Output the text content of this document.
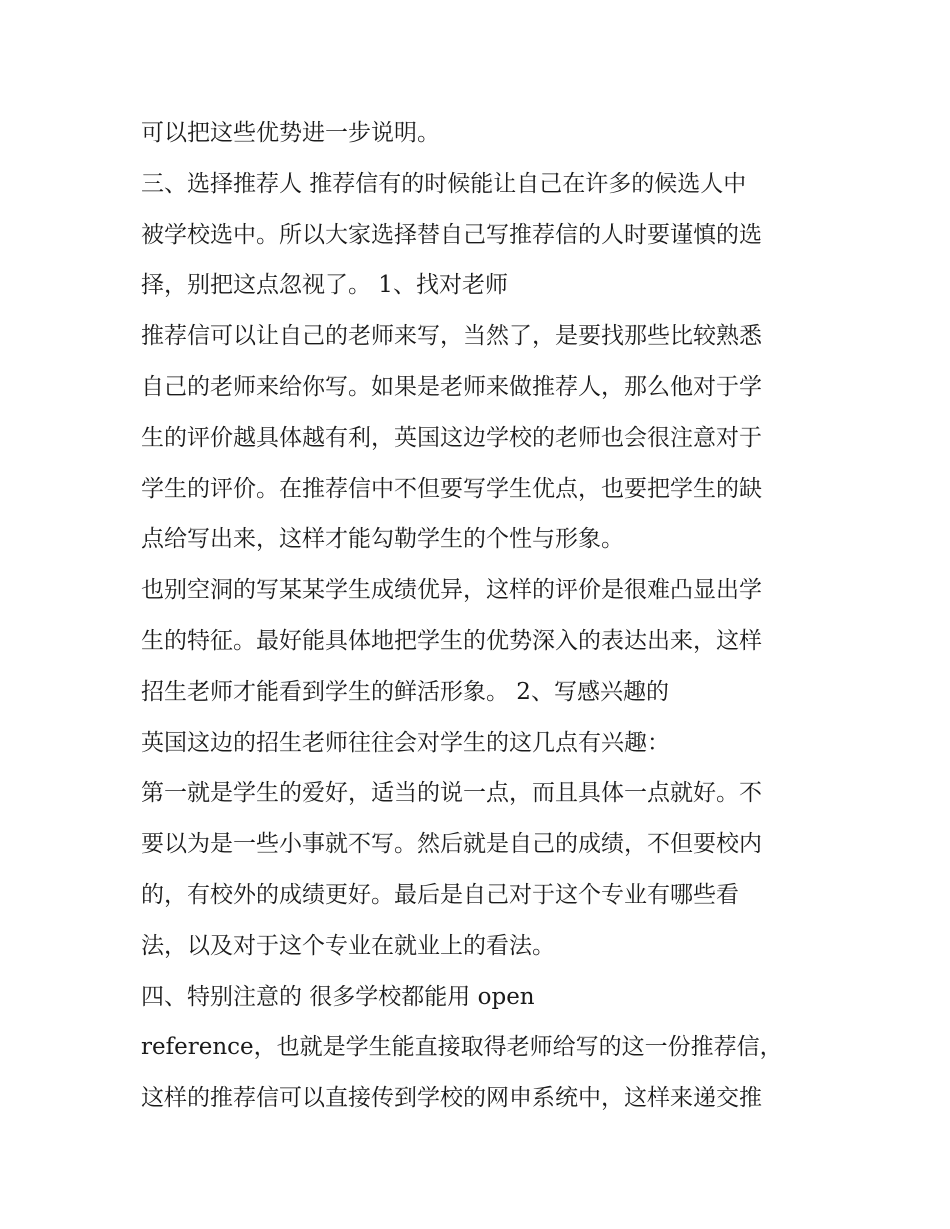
可以把这些优势进一步说明。
三、选择推荐人 推荐信有的时候能让自己在许多的候选人中
被学校选中。所以大家选择替自己写推荐信的人时要谨慎的选
择，别把这点忽视了。 1、找对老师
推荐信可以让自己的老师来写，当然了，是要找那些比较熟悉
自己的老师来给你写。如果是老师来做推荐人，那么他对于学
生的评价越具体越有利，英国这边学校的老师也会很注意对于
学生的评价。在推荐信中不但要写学生优点，也要把学生的缺
点给写出来，这样才能勾勒学生的个性与形象。
也别空洞的写某某学生成绩优异，这样的评价是很难凸显出学
生的特征。最好能具体地把学生的优势深入的表达出来，这样
招生老师才能看到学生的鲜活形象。 2、写感兴趣的
英国这边的招生老师往往会对学生的这几点有兴趣：
第一就是学生的爱好，适当的说一点，而且具体一点就好。不
要以为是一些小事就不写。然后就是自己的成绩，不但要校内
的，有校外的成绩更好。最后是自己对于这个专业有哪些看
法，以及对于这个专业在就业上的看法。
四、特别注意的 很多学校都能用 open
reference，也就是学生能直接取得老师给写的这一份推荐信，
这样的推荐信可以直接传到学校的网申系统中，这样来递交推
